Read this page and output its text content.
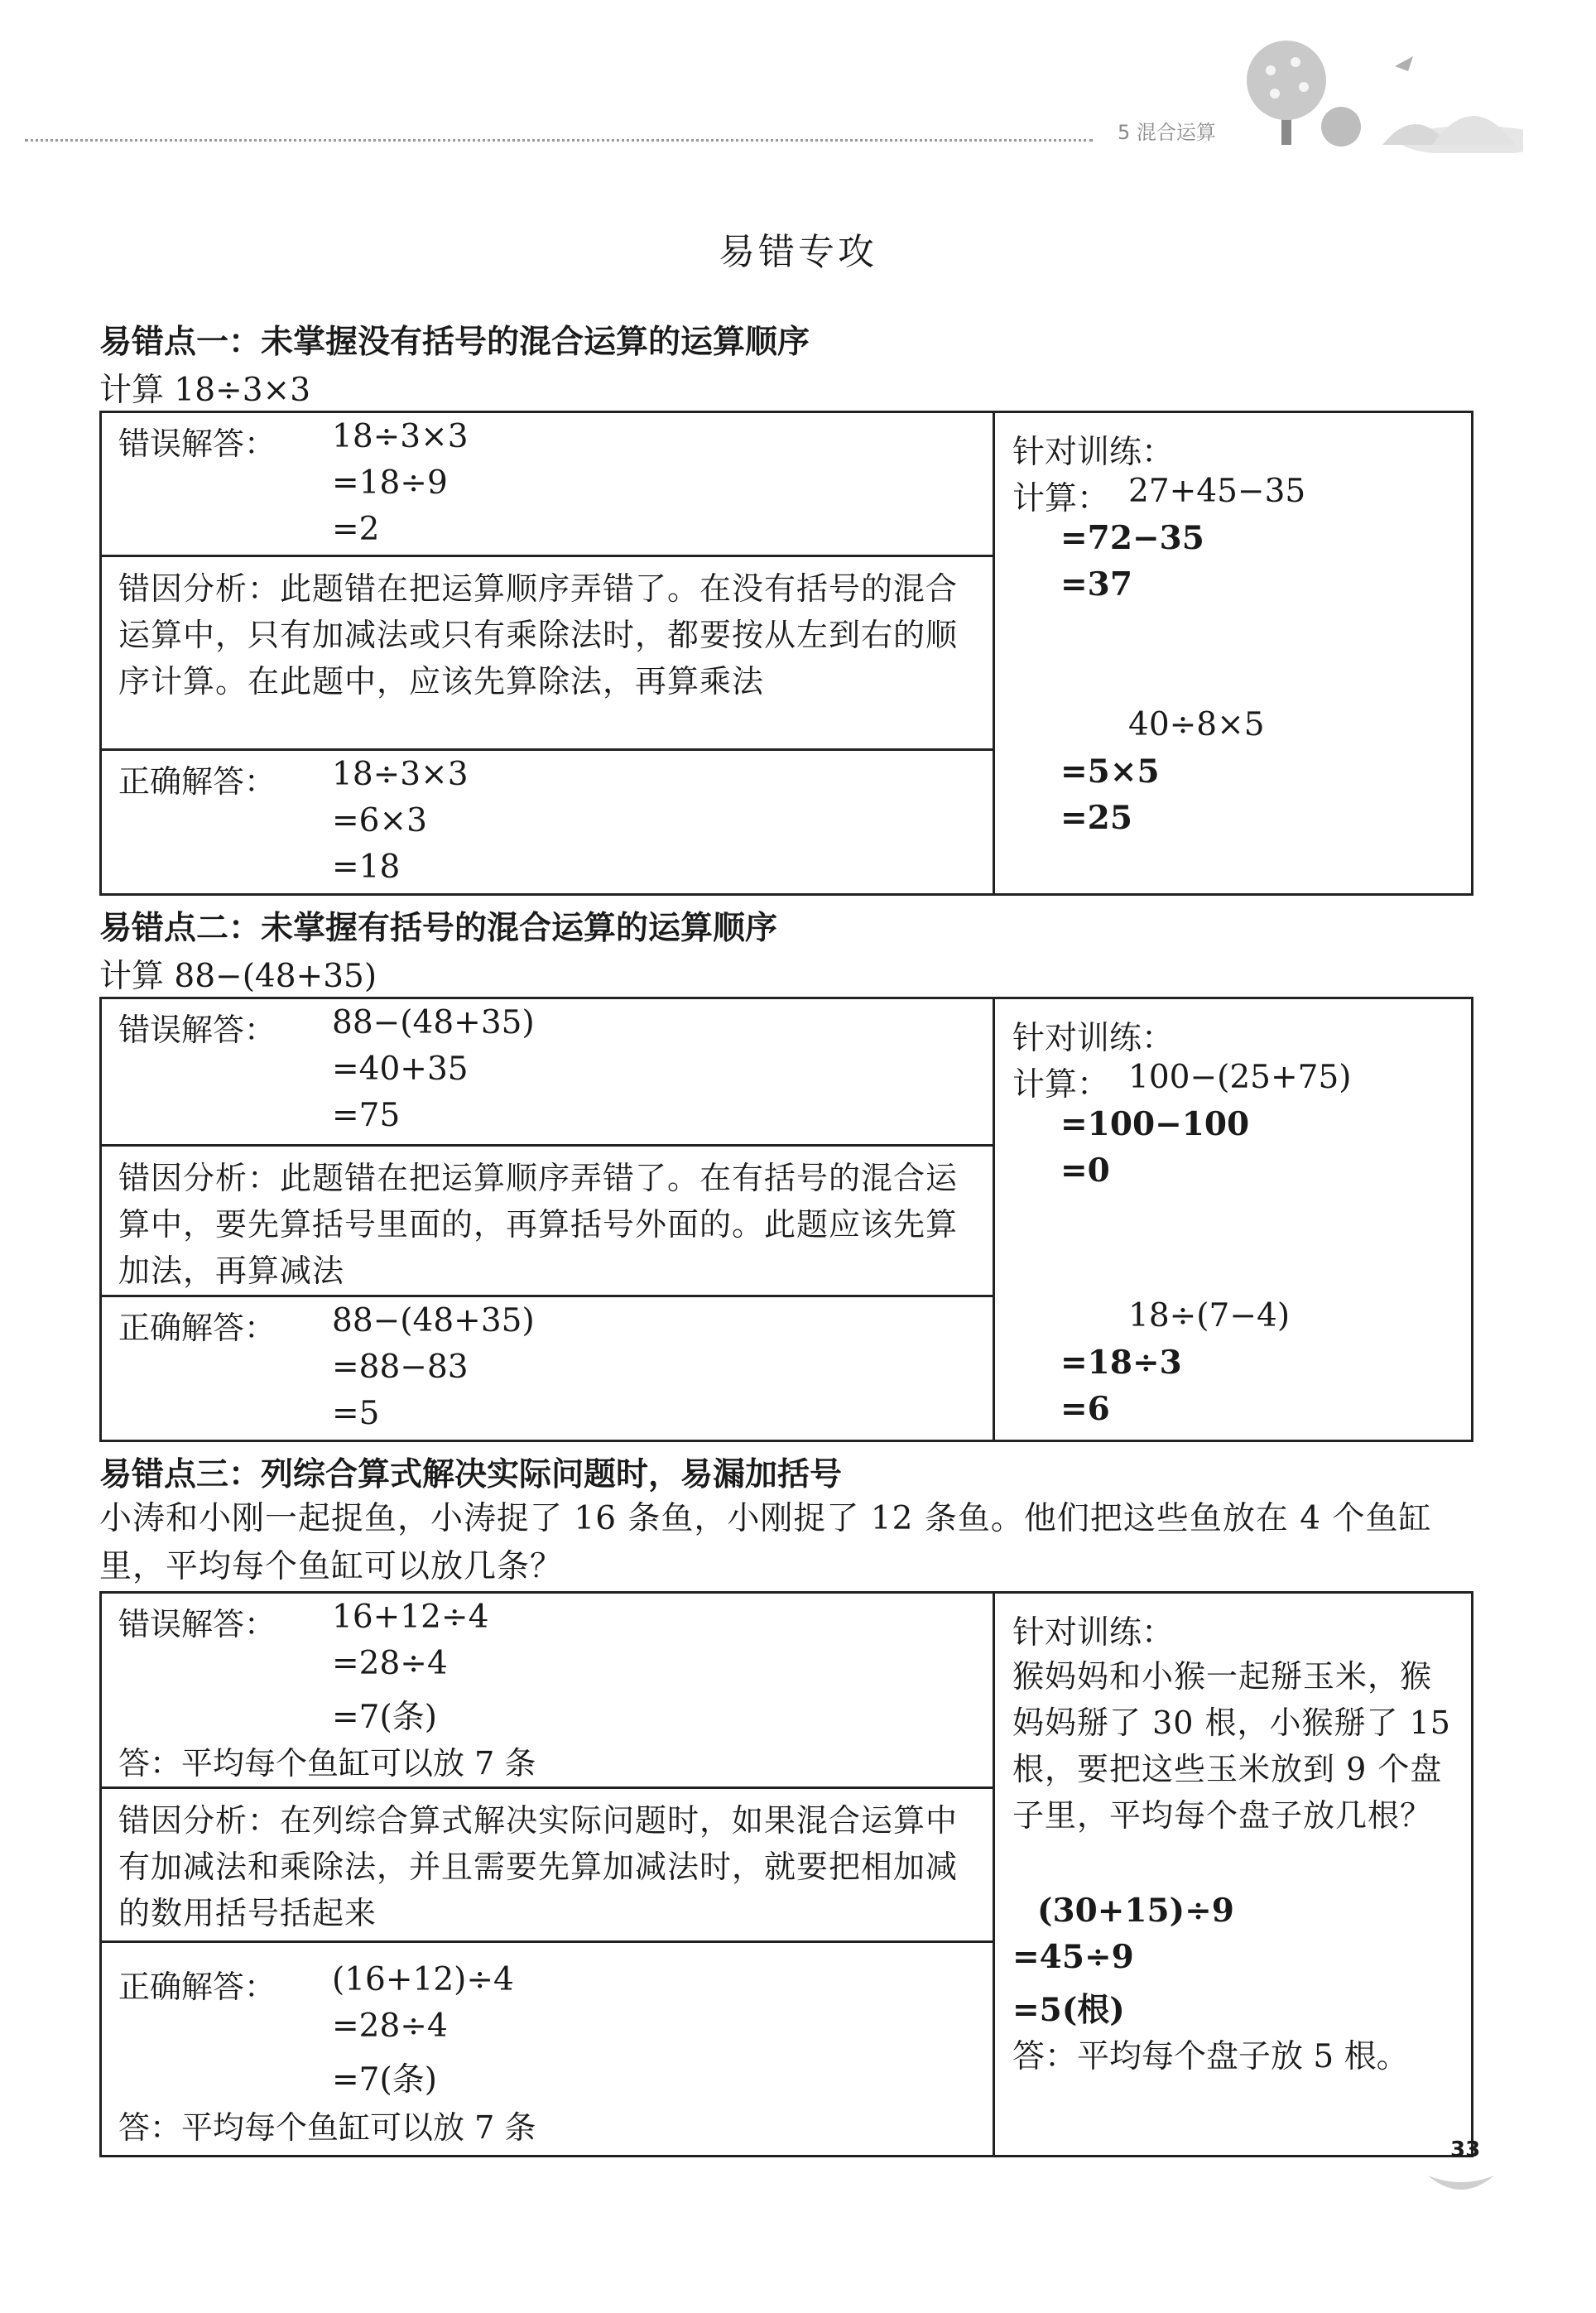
5 混合运算
易错专攻
易错点一：未掌握没有括号的混合运算的运算顺序
计算 18÷3×3
错误解答： 18÷3×3
=18÷9
=2
错因分析：此题错在把运算顺序弄错了。在没有括号的混合运算中，只有加减法或只有乘除法时，都要按从左到右的顺序计算。在此题中，应该先算除法，再算乘法
正确解答： 18÷3×3
=6×3
=18
针对训练：
计算： 27+45−35
=72−35
=37
40÷8×5
=5×5
=25
易错点二：未掌握有括号的混合运算的运算顺序
计算 88−(48+35)
错误解答： 88−(48+35)
=40+35
=75
错因分析：此题错在把运算顺序弄错了。在有括号的混合运算中，要先算括号里面的，再算括号外面的。此题应该先算加法，再算减法
正确解答： 88−(48+35)
=88−83
=5
针对训练：
计算： 100−(25+75)
=100−100
=0
18÷(7−4)
=18÷3
=6
易错点三：列综合算式解决实际问题时，易漏加括号
小涛和小刚一起捉鱼，小涛捉了 16 条鱼，小刚捉了 12 条鱼。他们把这些鱼放在 4 个鱼缸里，平均每个鱼缸可以放几条？
错误解答： 16+12÷4
=28÷4
=7(条)
答：平均每个鱼缸可以放 7 条
错因分析：在列综合算式解决实际问题时，如果混合运算中有加减法和乘除法，并且需要先算加减法时，就要把相加减的数用括号括起来
正确解答： (16+12)÷4
=28÷4
=7(条)
答：平均每个鱼缸可以放 7 条
针对训练：
猴妈妈和小猴一起掰玉米，猴妈妈掰了 30 根，小猴掰了 15 根，要把这些玉米放到 9 个盘子里，平均每个盘子放几根？
(30+15)÷9
=45÷9
=5(根)
答：平均每个盘子放 5 根。
33
